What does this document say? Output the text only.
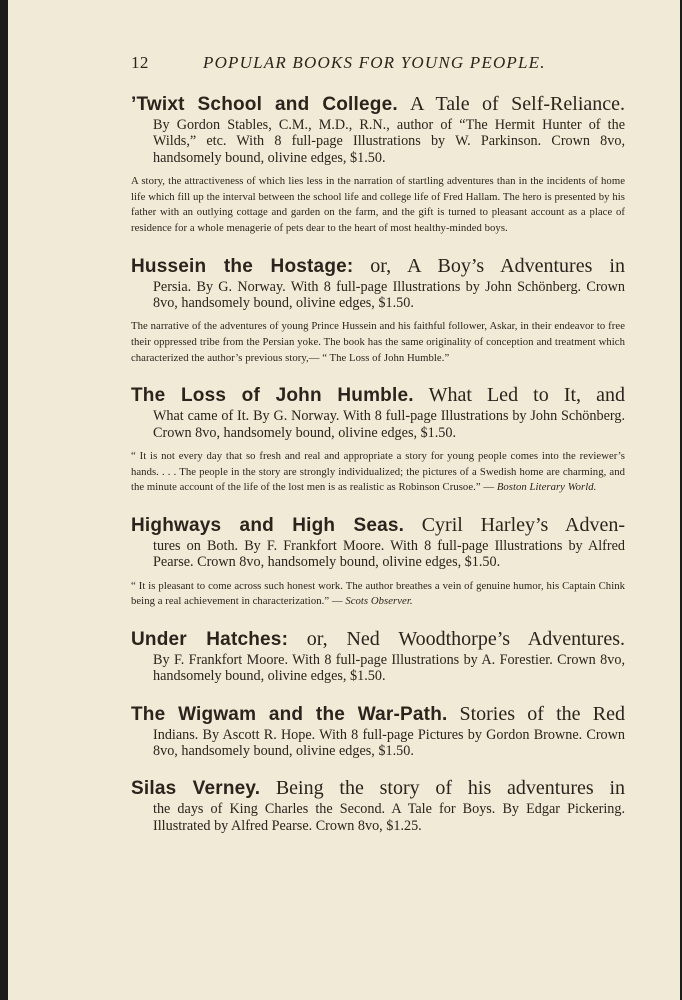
12	POPULAR BOOKS FOR YOUNG PEOPLE.
’Twixt School and College. A Tale of Self-Reliance.
By Gordon Stables, C.M., M.D., R.N., author of “The Hermit Hunter of the Wilds,” etc. With 8 full-page Illustrations by W. Parkinson. Crown 8vo, handsomely bound, olivine edges, $1.50.
A story, the attractiveness of which lies less in the narration of startling adventures than in the incidents of home life which fill up the interval between the school life and college life of Fred Hallam. The hero is presented by his father with an outlying cottage and garden on the farm, and the gift is turned to pleasant account as a place of residence for a whole menagerie of pets dear to the heart of most healthy-minded boys.
Hussein the Hostage: or, A Boy’s Adventures in
Persia. By G. Norway. With 8 full-page Illustrations by John Schönberg. Crown 8vo, handsomely bound, olivine edges, $1.50.
The narrative of the adventures of young Prince Hussein and his faithful follower, Askar, in their endeavor to free their oppressed tribe from the Persian yoke. The book has the same originality of conception and treatment which characterized the author’s previous story,— “ The Loss of John Humble.”
The Loss of John Humble. What Led to It, and
What came of It. By G. Norway. With 8 full-page Illustrations by John Schönberg. Crown 8vo, handsomely bound, olivine edges, $1.50.
“ It is not every day that so fresh and real and appropriate a story for young people comes into the reviewer’s hands. . . . The people in the story are strongly individualized; the pictures of a Swedish home are charming, and the minute account of the life of the lost men is as realistic as Robinson Crusoe.” — Boston Literary World.
Highways and High Seas. Cyril Harley’s Adven-
tures on Both. By F. Frankfort Moore. With 8 full-page Illustrations by Alfred Pearse. Crown 8vo, handsomely bound, olivine edges, $1.50.
“ It is pleasant to come across such honest work. The author breathes a vein of genuine humor, his Captain Chink being a real achievement in characterization.” — Scots Observer.
Under Hatches: or, Ned Woodthorpe’s Adventures.
By F. Frankfort Moore. With 8 full-page Illustrations by A. Forestier. Crown 8vo, handsomely bound, olivine edges, $1.50.
The Wigwam and the War-Path. Stories of the Red
Indians. By Ascott R. Hope. With 8 full-page Pictures by Gordon Browne. Crown 8vo, handsomely bound, olivine edges, $1.50.
Silas Verney. Being the story of his adventures in
the days of King Charles the Second. A Tale for Boys. By Edgar Pickering. Illustrated by Alfred Pearse. Crown 8vo, $1.25.
